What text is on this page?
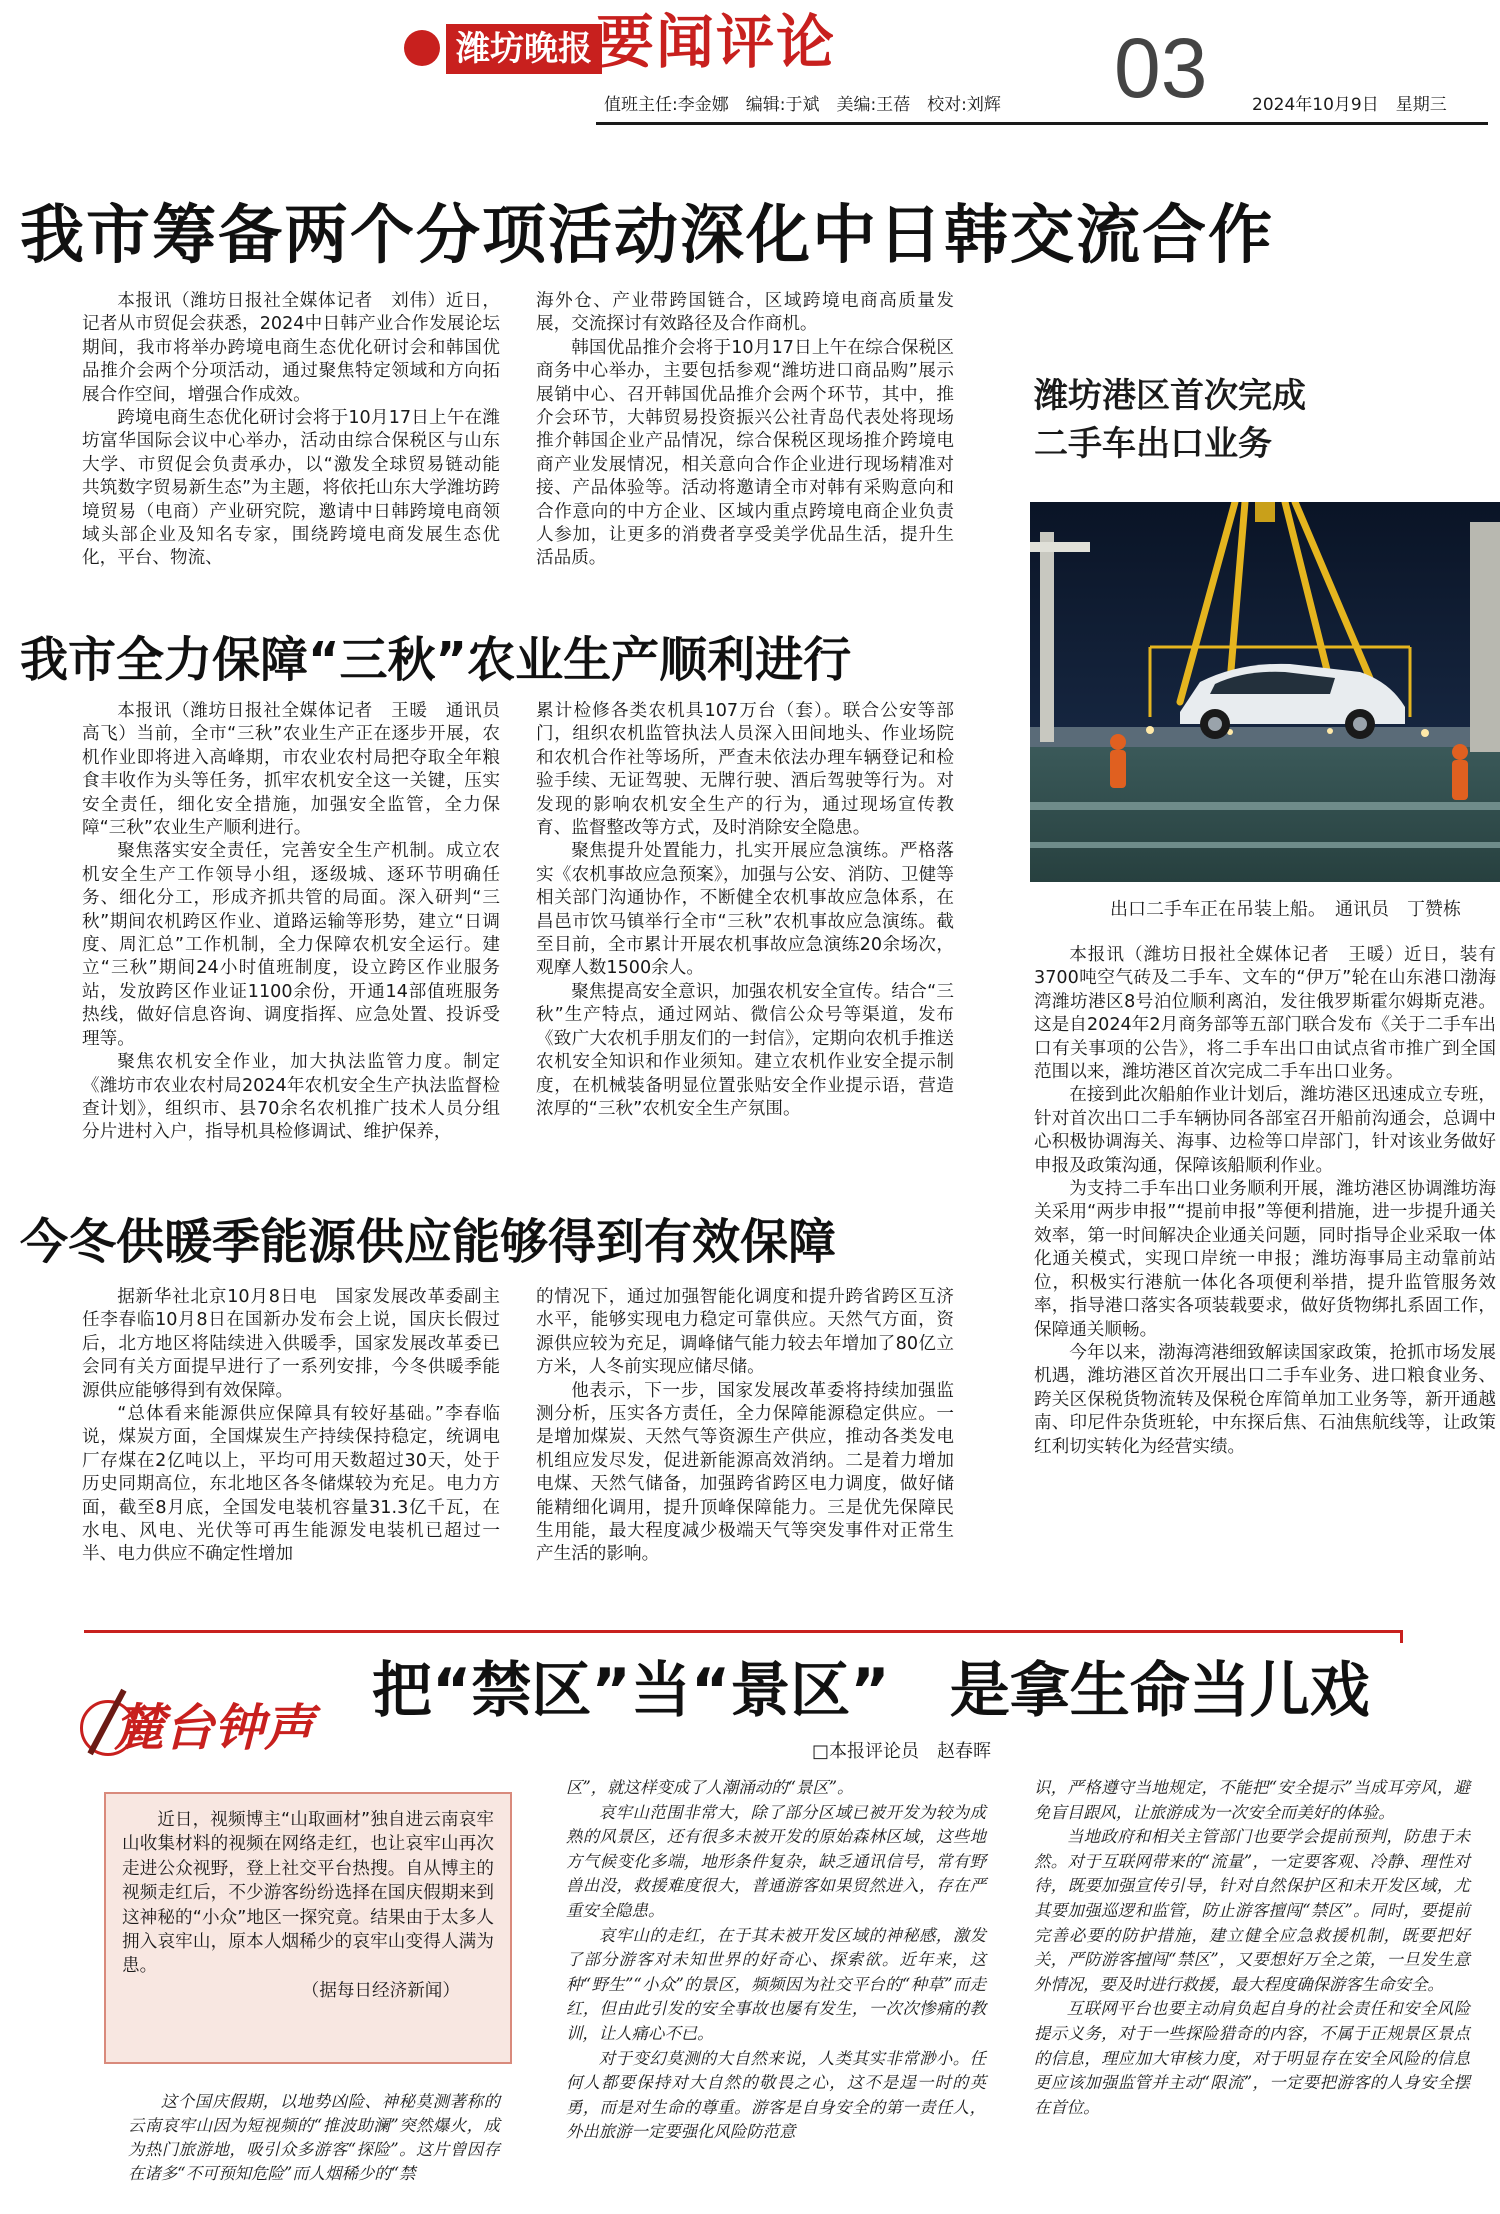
潍坊晚报 要闻评论	03
值班主任:李金娜　编辑:于斌　美编:王蓓　校对:刘辉	2024年10月9日　星期三
我市筹备两个分项活动深化中日韩交流合作

本报讯（潍坊日报社全媒体记者　刘伟）近日，记者从市贸促会获悉，2024中日韩产业合作发展论坛期间，我市将举办跨境电商生态优化研讨会和韩国优品推介会两个分项活动，通过聚焦特定领域和方向拓展合作空间，增强合作成效。

跨境电商生态优化研讨会将于10月17日上午在潍坊富华国际会议中心举办，活动由综合保税区与山东大学、市贸促会负责承办，以“激发全球贸易链动能　共筑数字贸易新生态”为主题，将依托山东大学潍坊跨境贸易（电商）产业研究院，邀请中日韩跨境电商领域头部企业及知名专家，围绕跨境电商发展生态优化，平台、物流、

海外仓、产业带跨国链合，区域跨境电商高质量发展，交流探讨有效路径及合作商机。

韩国优品推介会将于10月17日上午在综合保税区商务中心举办，主要包括参观“潍坊进口商品购”展示展销中心、召开韩国优品推介会两个环节，其中，推介会环节，大韩贸易投资振兴公社青岛代表处将现场推介韩国企业产品情况，综合保税区现场推介跨境电商产业发展情况，相关意向合作企业进行现场精准对接、产品体验等。活动将邀请全市对韩有采购意向和合作意向的中方企业、区域内重点跨境电商企业负责人参加，让更多的消费者享受美学优品生活，提升生活品质。

我市全力保障“三秋”农业生产顺利进行

本报讯（潍坊日报社全媒体记者　王暖　通讯员　高飞）当前，全市“三秋”农业生产正在逐步开展，农机作业即将进入高峰期，市农业农村局把夺取全年粮食丰收作为头等任务，抓牢农机安全这一关键，压实安全责任，细化安全措施，加强安全监管，全力保障“三秋”农业生产顺利进行。

聚焦落实安全责任，完善安全生产机制。成立农机安全生产工作领导小组，逐级城、逐环节明确任务、细化分工，形成齐抓共管的局面。深入研判“三秋”期间农机跨区作业、道路运输等形势，建立“日调度、周汇总”工作机制，全力保障农机安全运行。建立“三秋”期间24小时值班制度，设立跨区作业服务站，发放跨区作业证1100余份，开通14部值班服务热线，做好信息咨询、调度指挥、应急处置、投诉受理等。

聚焦农机安全作业，加大执法监管力度。制定《潍坊市农业农村局2024年农机安全生产执法监督检查计划》，组织市、县70余名农机推广技术人员分组分片进村入户，指导机具检修调试、维护保养，

累计检修各类农机具107万台（套）。联合公安等部门，组织农机监管执法人员深入田间地头、作业场院和农机合作社等场所，严查未依法办理车辆登记和检验手续、无证驾驶、无牌行驶、酒后驾驶等行为。对发现的影响农机安全生产的行为，通过现场宣传教育、监督整改等方式，及时消除安全隐患。

聚焦提升处置能力，扎实开展应急演练。严格落实《农机事故应急预案》，加强与公安、消防、卫健等相关部门沟通协作，不断健全农机事故应急体系，在昌邑市饮马镇举行全市“三秋”农机事故应急演练。截至目前，全市累计开展农机事故应急演练20余场次，观摩人数1500余人。

聚焦提高安全意识，加强农机安全宣传。结合“三秋”生产特点，通过网站、微信公众号等渠道，发布《致广大农机手朋友们的一封信》，定期向农机手推送农机安全知识和作业须知。建立农机作业安全提示制度，在机械装备明显位置张贴安全作业提示语，营造浓厚的“三秋”农机安全生产氛围。

今冬供暖季能源供应能够得到有效保障

据新华社北京10月8日电　国家发展改革委副主任李春临10月8日在国新办发布会上说，国庆长假过后，北方地区将陆续进入供暖季，国家发展改革委已会同有关方面提早进行了一系列安排，今冬供暖季能源供应能够得到有效保障。

“总体看来能源供应保障具有较好基础。”李春临说，煤炭方面，全国煤炭生产持续保持稳定，统调电厂存煤在2亿吨以上，平均可用天数超过30天，处于历史同期高位，东北地区各冬储煤较为充足。电力方面，截至8月底，全国发电装机容量31.3亿千瓦，在水电、风电、光伏等可再生能源发电装机已超过一半、电力供应不确定性增加

的情况下，通过加强智能化调度和提升跨省跨区互济水平，能够实现电力稳定可靠供应。天然气方面，资源供应较为充足，调峰储气能力较去年增加了80亿立方米，人冬前实现应储尽储。

他表示，下一步，国家发展改革委将持续加强监测分析，压实各方责任，全力保障能源稳定供应。一是增加煤炭、天然气等资源生产供应，推动各类发电机组应发尽发，促进新能源高效消纳。二是着力增加电煤、天然气储备，加强跨省跨区电力调度，做好储能精细化调用，提升顶峰保障能力。三是优先保障民生用能，最大程度减少极端天气等突发事件对正常生产生活的影响。

潍坊港区首次完成
二手车出口业务
出口二手车正在吊装上船。　通讯员　丁赞栋

本报讯（潍坊日报社全媒体记者　王暖）近日，装有3700吨空气砖及二手车、文车的“伊万”轮在山东港口渤海湾潍坊港区8号泊位顺利离泊，发往俄罗斯霍尔姆斯克港。这是自2024年2月商务部等五部门联合发布《关于二手车出口有关事项的公告》，将二手车出口由试点省市推广到全国范围以来，潍坊港区首次完成二手车出口业务。

在接到此次船舶作业计划后，潍坊港区迅速成立专班，针对首次出口二手车辆协同各部室召开船前沟通会，总调中心积极协调海关、海事、边检等口岸部门，针对该业务做好申报及政策沟通，保障该船顺利作业。

为支持二手车出口业务顺利开展，潍坊港区协调潍坊海关采用“两步申报”“提前申报”等便利措施，进一步提升通关效率，第一时间解决企业通关问题，同时指导企业采取一体化通关模式，实现口岸统一申报；潍坊海事局主动靠前站位，积极实行港航一体化各项便利举措，提升监管服务效率，指导港口落实各项装载要求，做好货物绑扎系固工作，保障通关顺畅。

今年以来，渤海湾港细致解读国家政策，抢抓市场发展机遇，潍坊港区首次开展出口二手车业务、进口粮食业务、跨关区保税货物流转及保税仓库简单加工业务等，新开通越南、印尼件杂货班轮，中东探后焦、石油焦航线等，让政策红利切实转化为经营实绩。

麓台钟声
把“禁区”当“景区”　是拿生命当儿戏
□本报评论员　赵春晖
近日，视频博主“山取画材”独自进云南哀牢山收集材料的视频在网络走红，也让哀牢山再次走进公众视野，登上社交平台热搜。自从博主的视频走红后，不少游客纷纷选择在国庆假期来到这神秘的“小众”地区一探究竟。结果由于太多人拥入哀牢山，原本人烟稀少的哀牢山变得人满为患。
（据每日经济新闻）

这个国庆假期，以地势凶险、神秘莫测著称的云南哀牢山因为短视频的“推波助澜”突然爆火，成为热门旅游地，吸引众多游客“探险”。这片曾因存在诸多“不可预知危险”而人烟稀少的“禁

区”，就这样变成了人潮涌动的“景区”。

哀牢山范围非常大，除了部分区域已被开发为较为成熟的风景区，还有很多未被开发的原始森林区域，这些地方气候变化多端，地形条件复杂，缺乏通讯信号，常有野兽出没，救援难度很大，普通游客如果贸然进入，存在严重安全隐患。

哀牢山的走红，在于其未被开发区域的神秘感，激发了部分游客对未知世界的好奇心、探索欲。近年来，这种“野生”“小众”的景区，频频因为社交平台的“种草”而走红，但由此引发的安全事故也屡有发生，一次次惨痛的教训，让人痛心不已。

对于变幻莫测的大自然来说，人类其实非常渺小。任何人都要保持对大自然的敬畏之心，这不是逞一时的英勇，而是对生命的尊重。游客是自身安全的第一责任人，外出旅游一定要强化风险防范意

识，严格遵守当地规定，不能把“安全提示”当成耳旁风，避免盲目跟风，让旅游成为一次安全而美好的体验。

当地政府和相关主管部门也要学会提前预判，防患于未然。对于互联网带来的“流量”，一定要客观、冷静、理性对待，既要加强宣传引导，针对自然保护区和未开发区域，尤其要加强巡逻和监管，防止游客擅闯“禁区”。同时，要提前完善必要的防护措施，建立健全应急救援机制，既要把好关，严防游客擅闯“禁区”，又要想好万全之策，一旦发生意外情况，要及时进行救援，最大程度确保游客生命安全。

互联网平台也要主动肩负起自身的社会责任和安全风险提示义务，对于一些探险猎奇的内容，不属于正规景区景点的信息，理应加大审核力度，对于明显存在安全风险的信息更应该加强监管并主动“限流”，一定要把游客的人身安全摆在首位。
